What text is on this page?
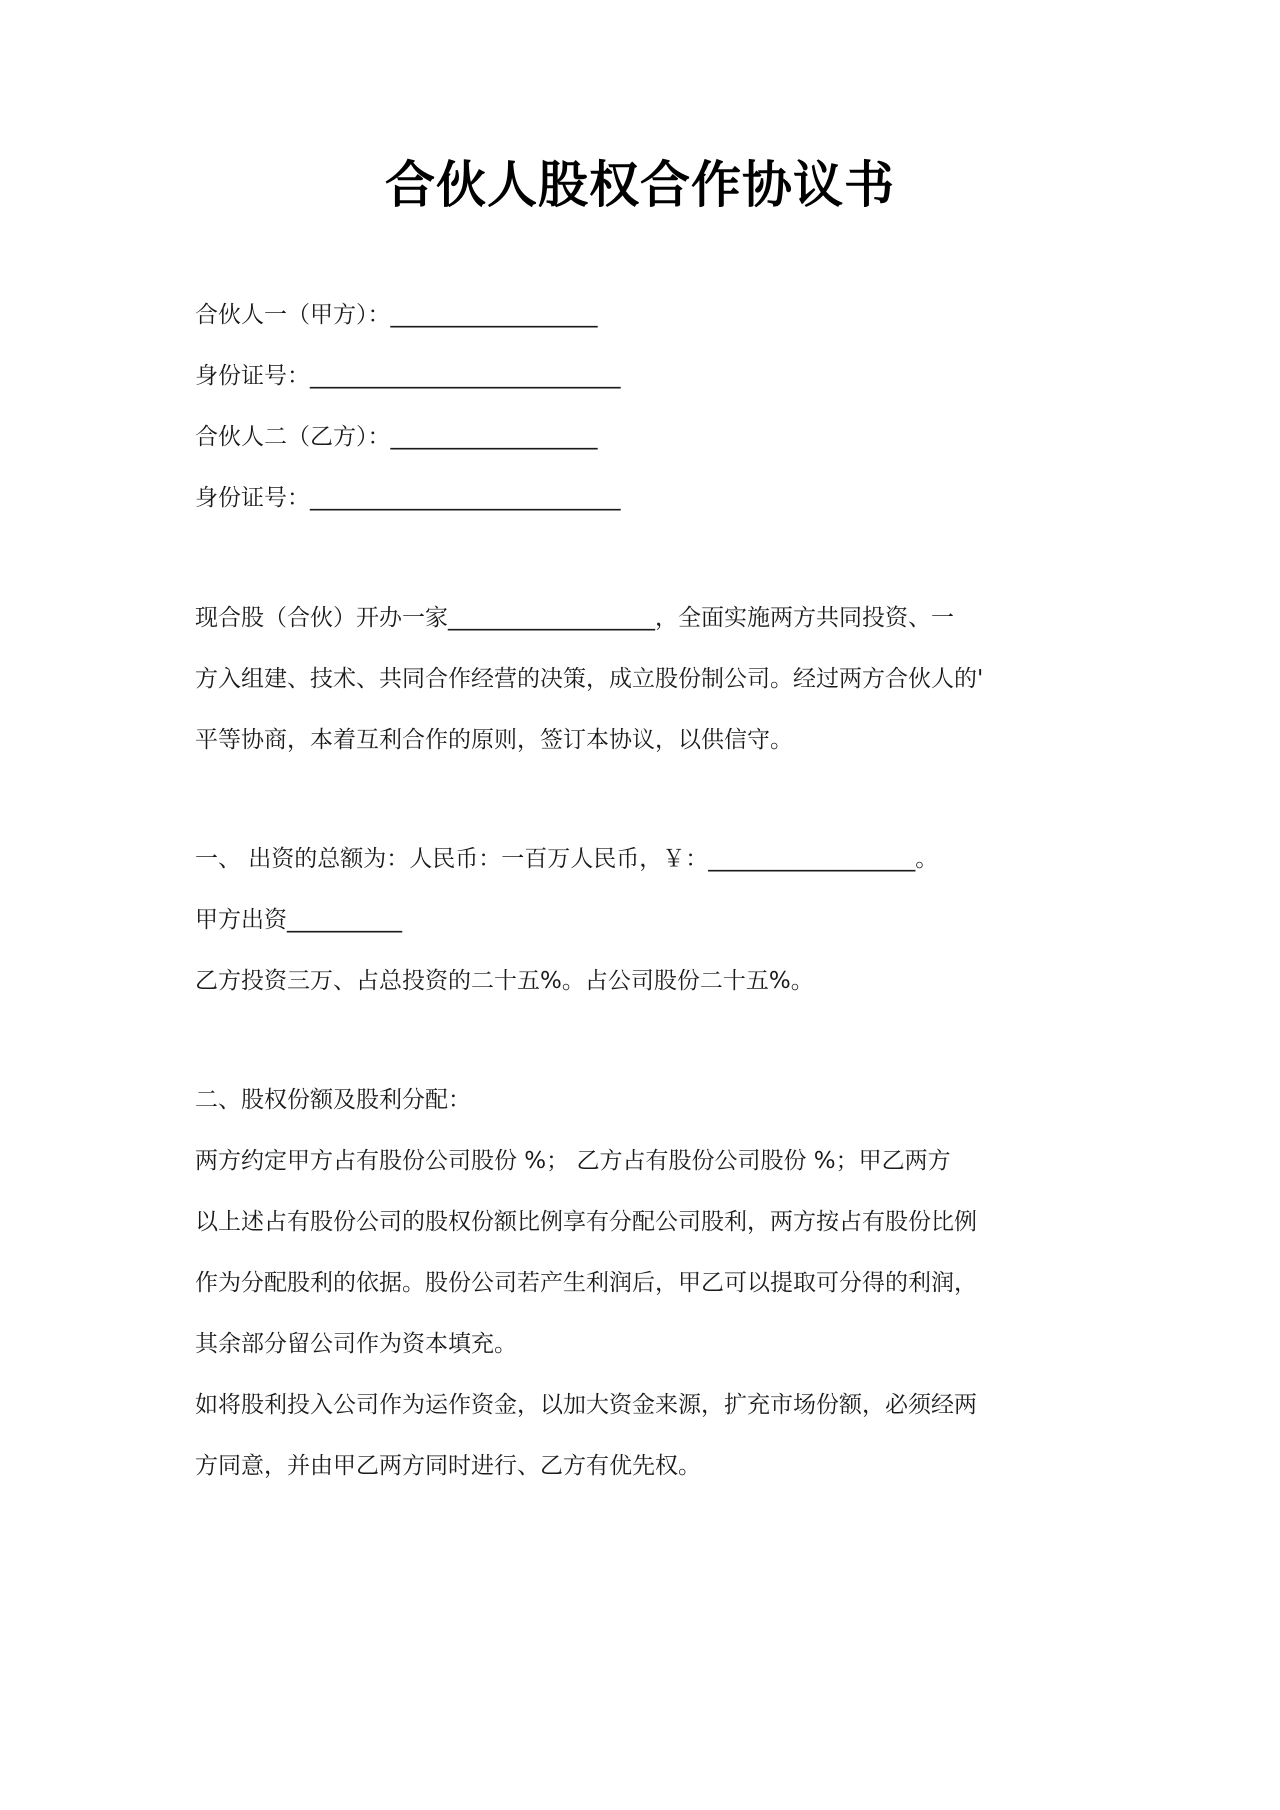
合伙人股权合作协议书
合伙人一（甲方）：__________________
身份证号：___________________________
合伙人二（乙方）：__________________
身份证号：___________________________
现合股（合伙）开办一家__________________，全面实施两方共同投资、一
方入组建、技术、共同合作经营的决策，成立股份制公司。经过两方合伙人的'
平等协商，本着互利合作的原则，签订本协议，以供信守。
一、 出资的总额为：人民币：一百万人民币，￥：__________________。
甲方出资__________
乙方投资三万、占总投资的二十五%。占公司股份二十五%。
二、股权份额及股利分配：
两方约定甲方占有股份公司股份 %； 乙方占有股份公司股份 %；甲乙两方
以上述占有股份公司的股权份额比例享有分配公司股利，两方按占有股份比例
作为分配股利的依据。股份公司若产生利润后，甲乙可以提取可分得的利润，
其余部分留公司作为资本填充。
如将股利投入公司作为运作资金，以加大资金来源，扩充市场份额，必须经两
方同意，并由甲乙两方同时进行、乙方有优先权。
